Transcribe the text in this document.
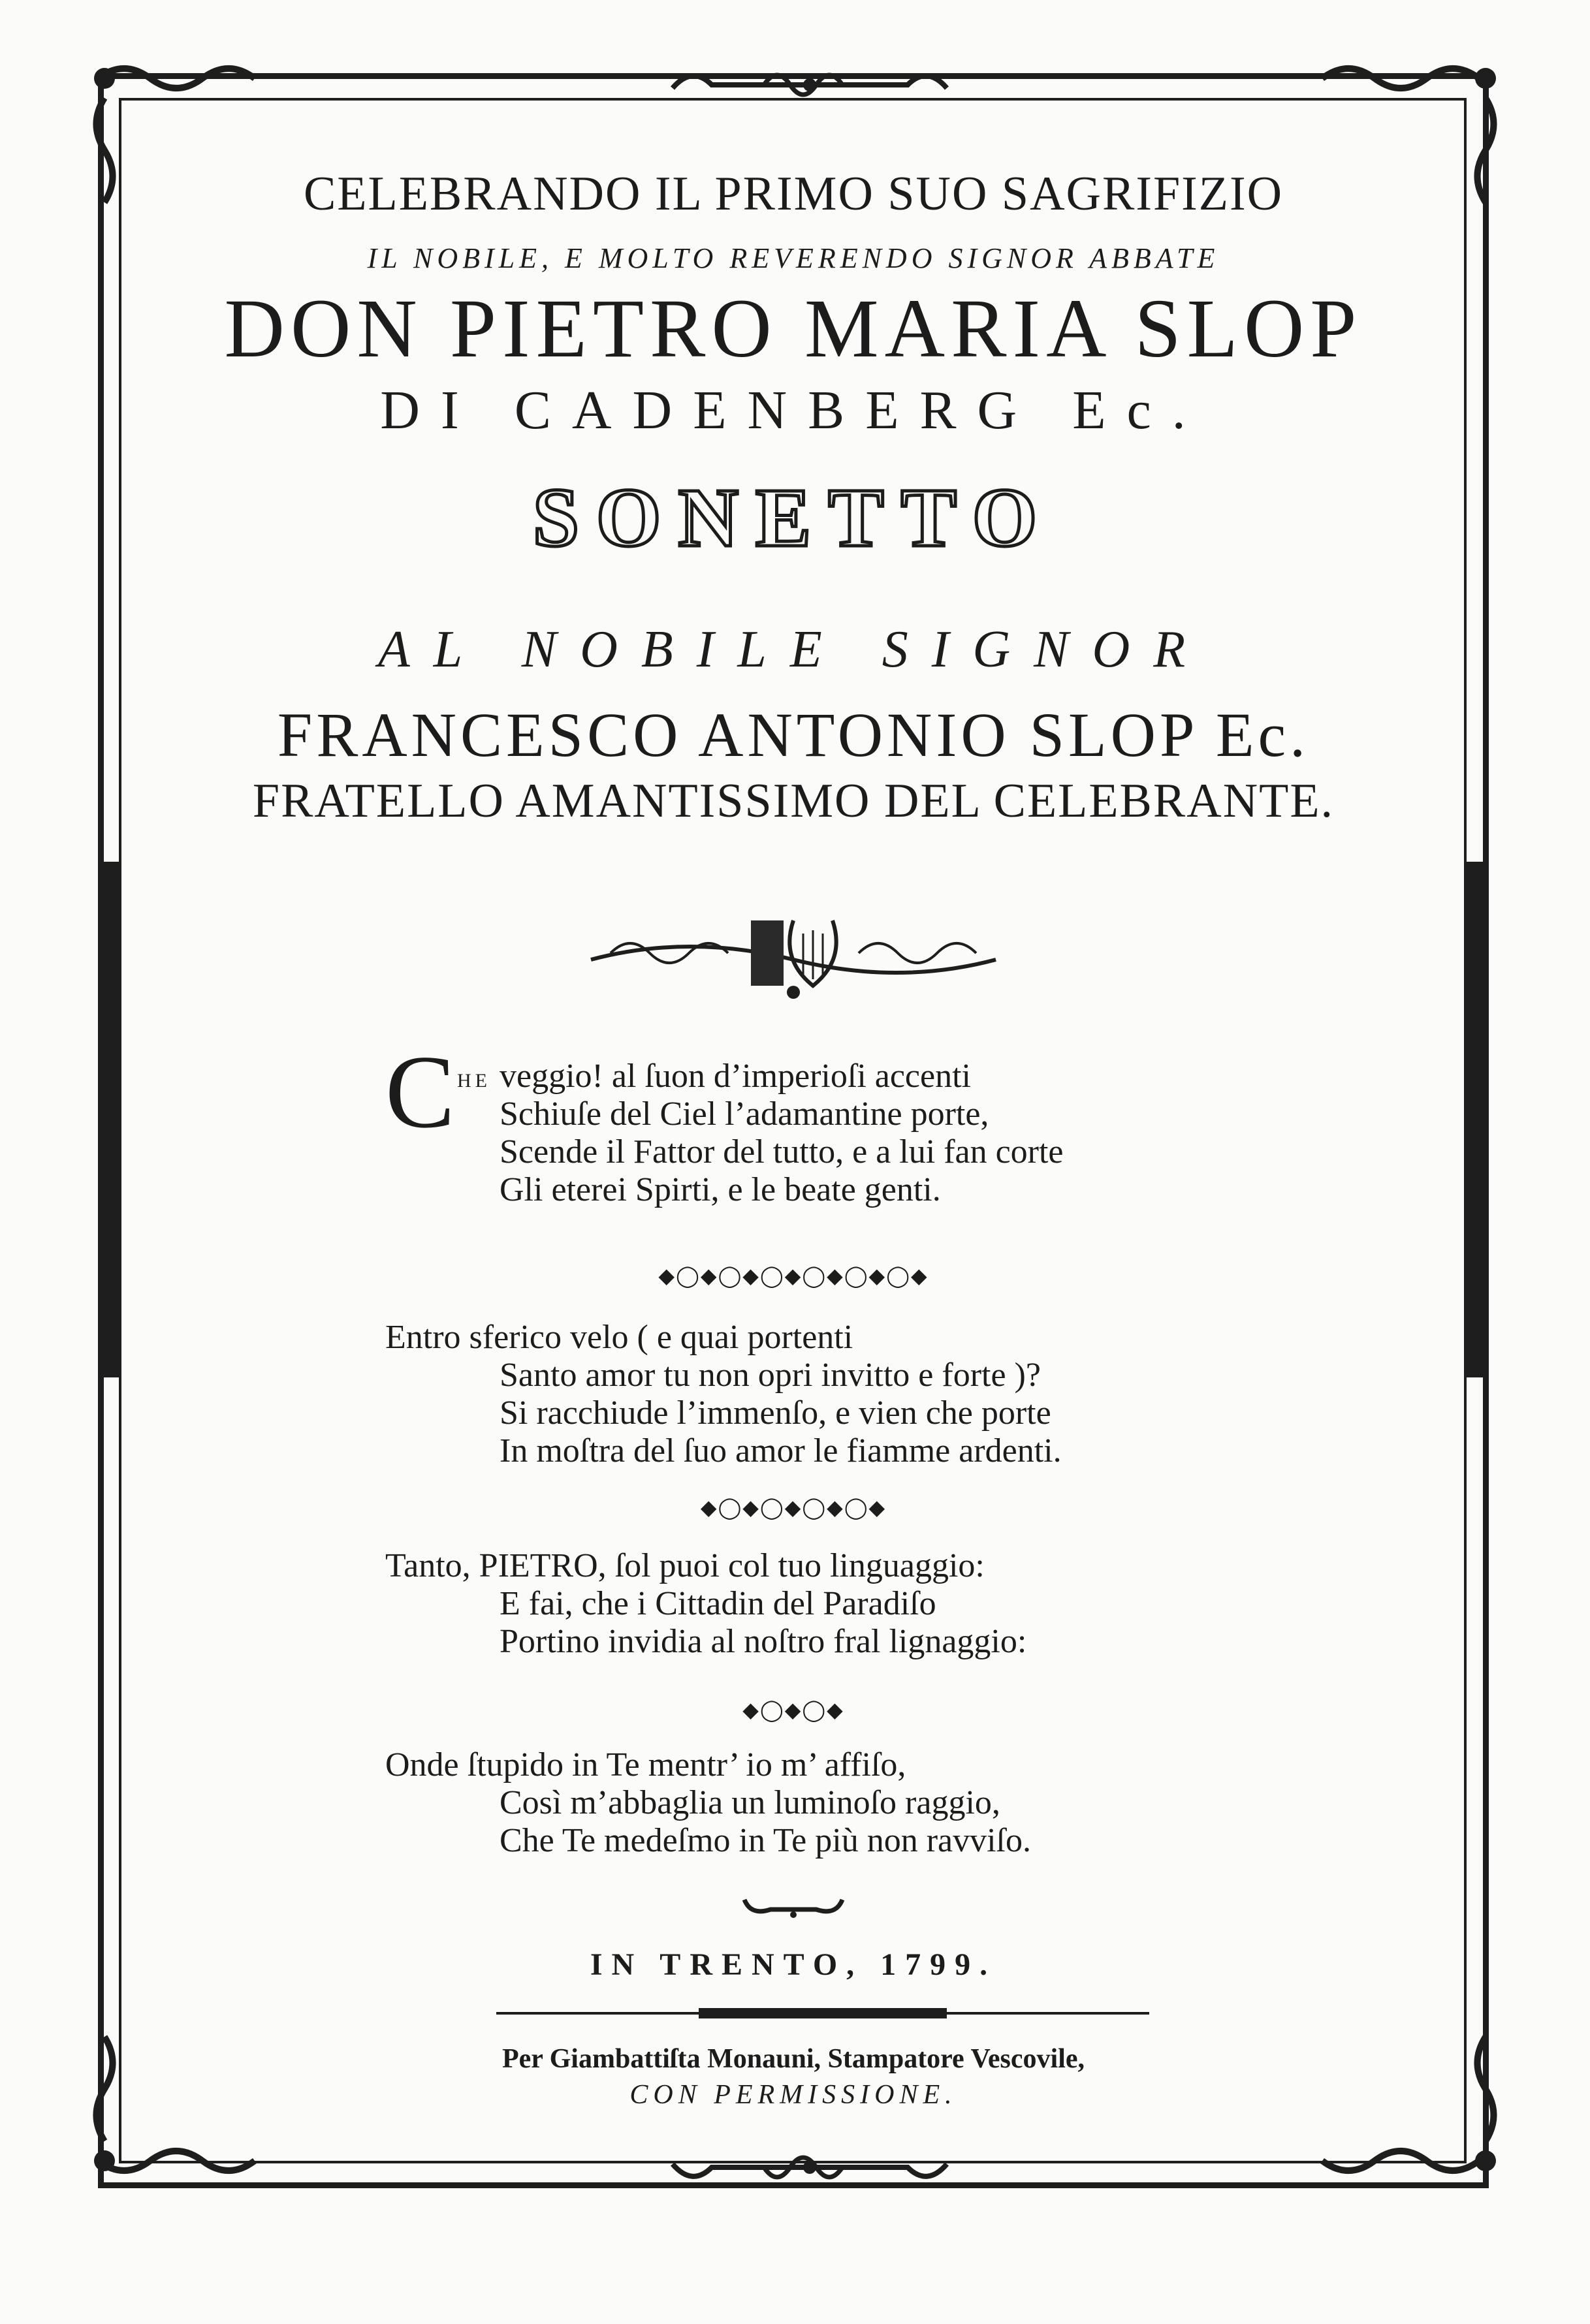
CELEBRANDO IL PRIMO SUO SAGRIFIZIO
IL NOBILE, E MOLTO REVERENDO SIGNOR ABBATE
DON PIETRO MARIA SLOP
DI CADENBERG Ec.
SONETTO
AL NOBILE SIGNOR
FRANCESCO ANTONIO SLOP Ec.
FRATELLO AMANTISSIMO DEL CELEBRANTE.
C HE veggio! al ſuon d’imperioſi accenti
Schiuſe del Ciel l’adamantine porte,
Scende il Fattor del tutto, e a lui fan corte
Gli eterei Spirti, e le beate genti.
◆◯◆◯◆◯◆◯◆◯◆◯◆
Entro sferico velo ( e quai portenti
Santo amor tu non opri invitto e forte )?
Si racchiude l’immenſo, e vien che porte
In moſtra del ſuo amor le fiamme ardenti.
◆◯◆◯◆◯◆◯◆
Tanto, PIETRO, ſol puoi col tuo linguaggio:
E fai, che i Cittadin del Paradiſo
Portino invidia al noſtro fral lignaggio:
◆◯◆◯◆
Onde ſtupido in Te mentr’ io m’ affiſo,
Così m’abbaglia un luminoſo raggio,
Che Te medeſmo in Te più non ravviſo.
IN TRENTO, 1799.
Per Giambattiſta Monauni, Stampatore Vescovile,
CON PERMISSIONE.
